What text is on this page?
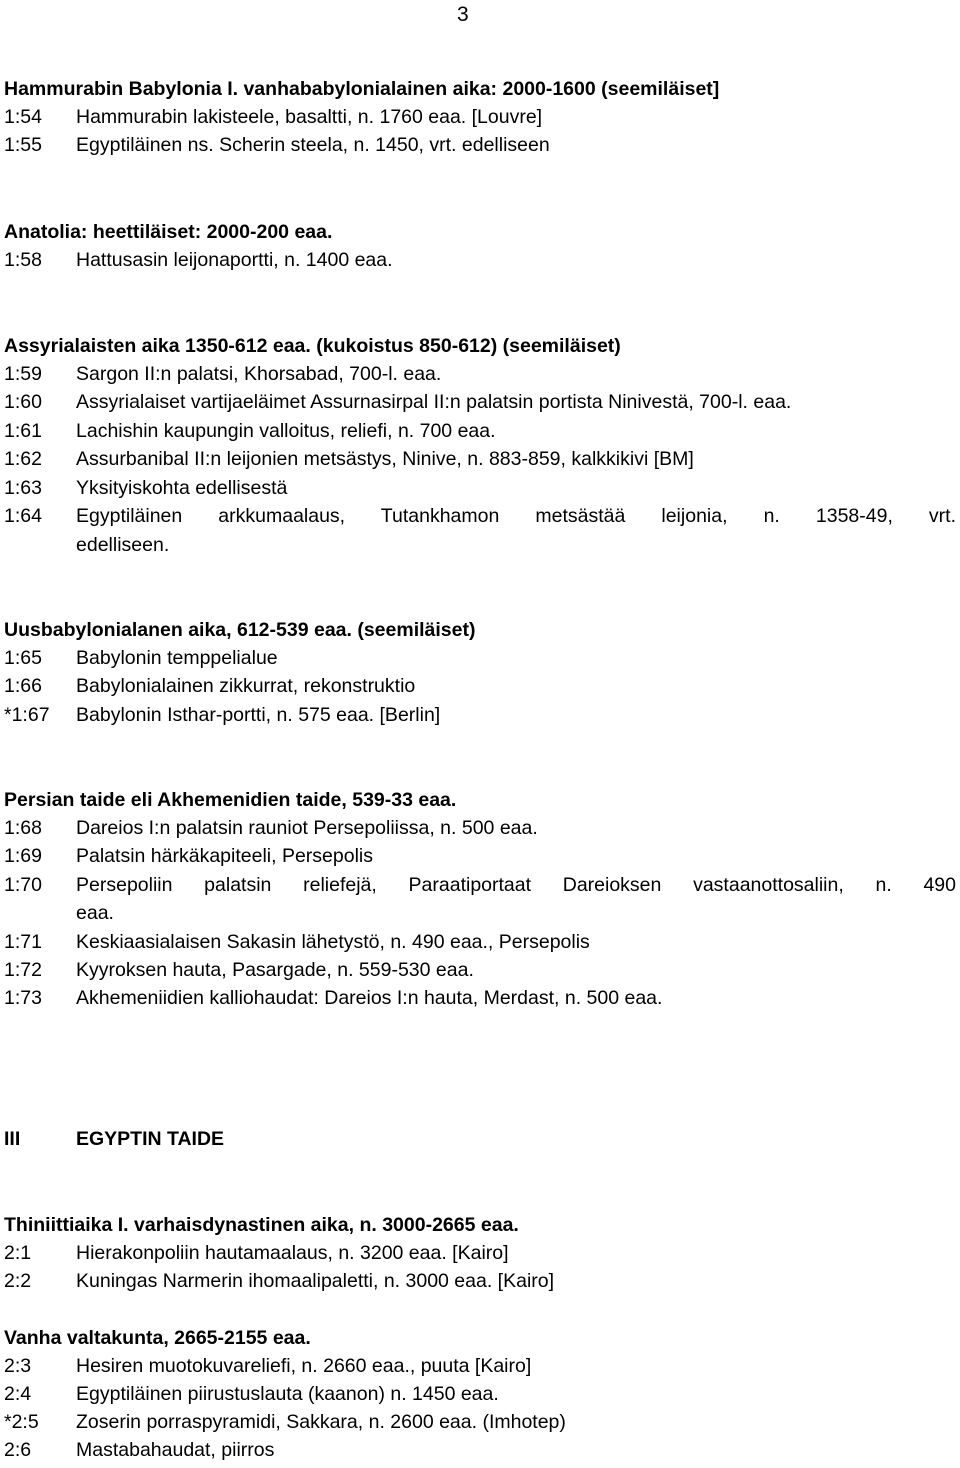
3
Hammurabin Babylonia I. vanhababylonialainen aika: 2000-1600 (seemiläiset]
1:54 Hammurabin lakisteele, basaltti, n. 1760 eaa. [Louvre]
1:55 Egyptiläinen ns. Scherin steela, n. 1450, vrt. edelliseen
Anatolia: heettiläiset: 2000-200 eaa.
1:58 Hattusasin leijonaportti, n. 1400 eaa.
Assyrialaisten aika 1350-612 eaa. (kukoistus 850-612) (seemiläiset)
1:59 Sargon II:n palatsi, Khorsabad, 700-l. eaa.
1:60 Assyrialaiset vartijaeläimet Assurnasirpal II:n palatsin portista Ninivestä, 700-l. eaa.
1:61 Lachishin kaupungin valloitus, reliefi, n. 700 eaa.
1:62 Assurbanibal II:n leijonien metsästys, Ninive, n. 883-859, kalkkikivi [BM]
1:63 Yksityiskohta edellisestä
1:64 Egyptiläinen arkkumaalaus, Tutankhamon metsästää leijonia, n. 1358-49, vrt.
edelliseen.
Uusbabylonialanen aika, 612-539 eaa. (seemiläiset)
1:65 Babylonin temppelialue
1:66 Babylonialainen zikkurrat, rekonstruktio
*1:67 Babylonin Isthar-portti, n. 575 eaa. [Berlin]
Persian taide eli Akhemenidien taide, 539-33 eaa.
1:68 Dareios I:n palatsin rauniot Persepoliissa, n. 500 eaa.
1:69 Palatsin härkäkapiteeli, Persepolis
1:70 Persepoliin palatsin reliefejä, Paraatiportaat Dareioksen vastaanottosaliin, n. 490
eaa.
1:71 Keskiaasialaisen Sakasin lähetystö, n. 490 eaa., Persepolis
1:72 Kyyroksen hauta, Pasargade, n. 559-530 eaa.
1:73 Akhemeniidien kalliohaudat: Dareios I:n hauta, Merdast, n. 500 eaa.
III	EGYPTIN TAIDE
Thiniittiaika I. varhaisdynastinen aika, n. 3000-2665 eaa.
2:1 Hierakonpoliin hautamaalaus, n. 3200 eaa. [Kairo]
2:2 Kuningas Narmerin ihomaalipaletti, n. 3000 eaa. [Kairo]
Vanha valtakunta, 2665-2155 eaa.
2:3 Hesiren muotokuvareliefi, n. 2660 eaa., puuta [Kairo]
2:4 Egyptiläinen piirustuslauta (kaanon) n. 1450 eaa.
*2:5 Zoserin porraspyramidi, Sakkara, n. 2600 eaa. (Imhotep)
2:6 Mastabahaudat, piirros
